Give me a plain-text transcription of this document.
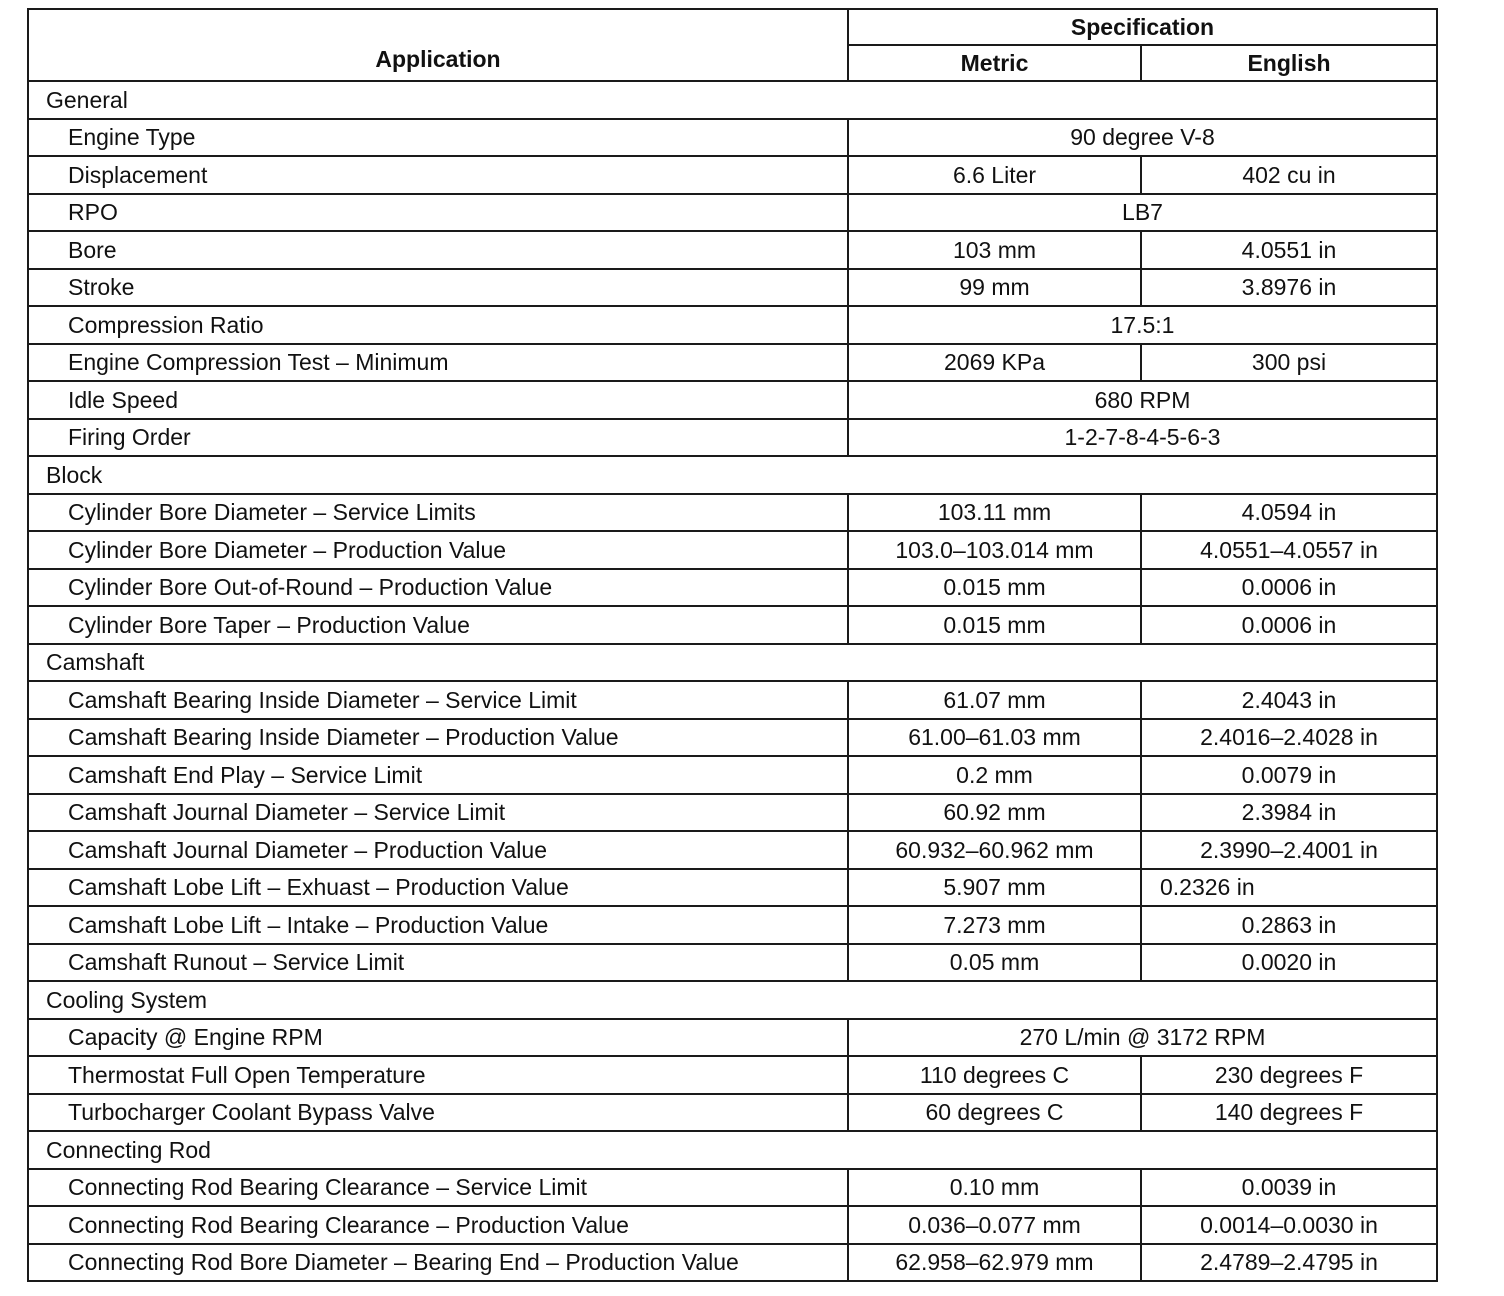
Application	Specification	
	Metric	English
General		
Engine Type	90 degree V-8	
Displacement	6.6 Liter	402 cu in
RPO	LB7	
Bore	103 mm	4.0551 in
Stroke	99 mm	3.8976 in
Compression Ratio	17.5:1	
Engine Compression Test – Minimum	2069 KPa	300 psi
Idle Speed	680 RPM	
Firing Order	1-2-7-8-4-5-6-3	
Block		
Cylinder Bore Diameter – Service Limits	103.11 mm	4.0594 in
Cylinder Bore Diameter – Production Value	103.0–103.014 mm	4.0551–4.0557 in
Cylinder Bore Out-of-Round – Production Value	0.015 mm	0.0006 in
Cylinder Bore Taper – Production Value	0.015 mm	0.0006 in
Camshaft		
Camshaft Bearing Inside Diameter – Service Limit	61.07 mm	2.4043 in
Camshaft Bearing Inside Diameter – Production Value	61.00–61.03 mm	2.4016–2.4028 in
Camshaft End Play – Service Limit	0.2 mm	0.0079 in
Camshaft Journal Diameter – Service Limit	60.92 mm	2.3984 in
Camshaft Journal Diameter – Production Value	60.932–60.962 mm	2.3990–2.4001 in
Camshaft Lobe Lift – Exhuast – Production Value	5.907 mm	0.2326 in
Camshaft Lobe Lift – Intake – Production Value	7.273 mm	0.2863 in
Camshaft Runout – Service Limit	0.05 mm	0.0020 in
Cooling System		
Capacity @ Engine RPM	270 L/min @ 3172 RPM	
Thermostat Full Open Temperature	110 degrees C	230 degrees F
Turbocharger Coolant Bypass Valve	60 degrees C	140 degrees F
Connecting Rod		
Connecting Rod Bearing Clearance – Service Limit	0.10 mm	0.0039 in
Connecting Rod Bearing Clearance – Production Value	0.036–0.077 mm	0.0014–0.0030 in
Connecting Rod Bore Diameter – Bearing End – Production Value	62.958–62.979 mm	2.4789–2.4795 in
